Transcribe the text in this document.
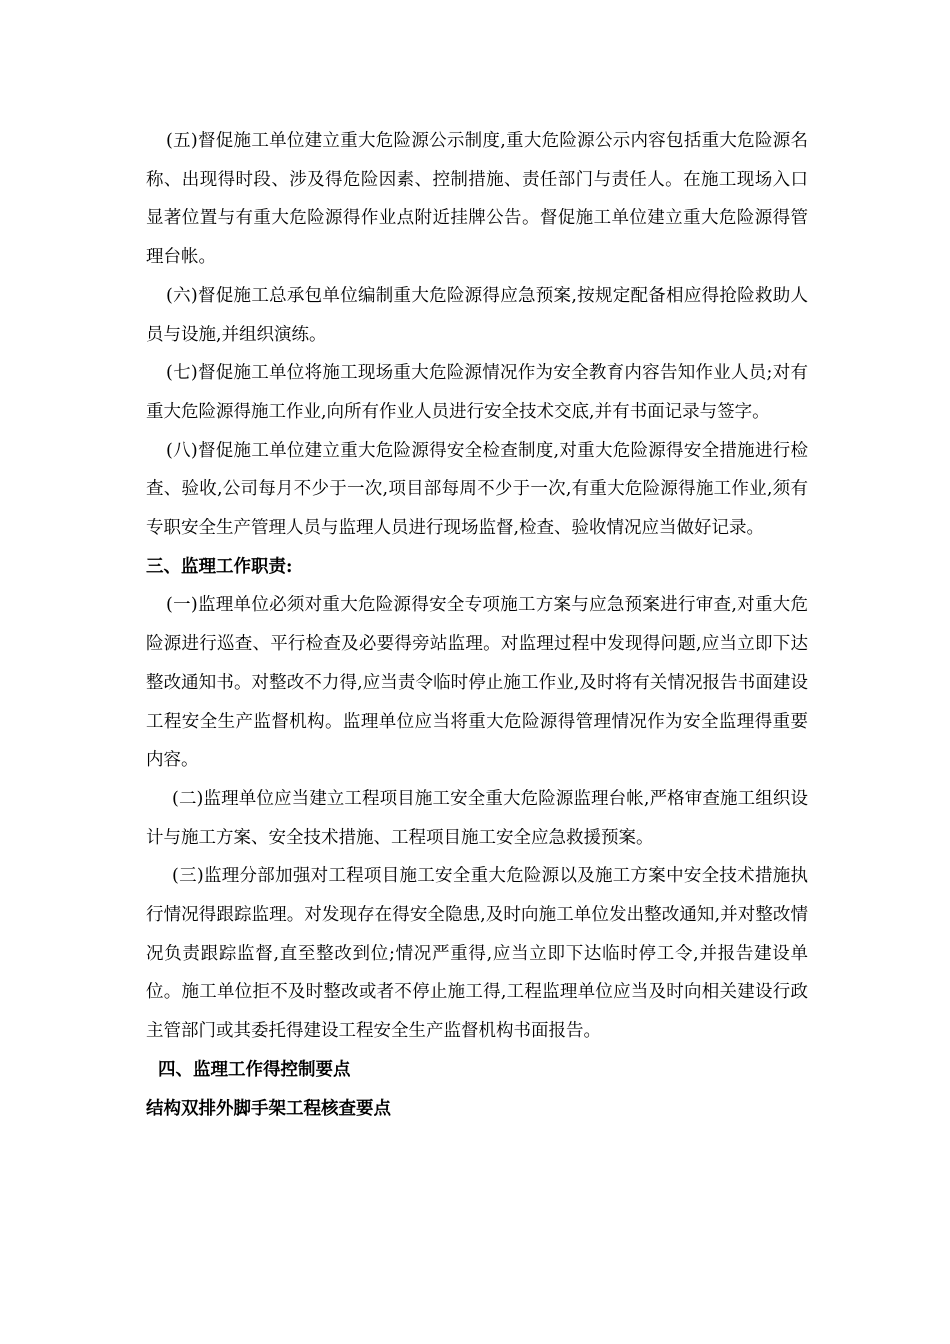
(五)督促施工单位建立重大危险源公示制度,重大危险源公示内容包括重大危险源名称、出现得时段、涉及得危险因素、控制措施、责任部门与责任人。在施工现场入口显著位置与有重大危险源得作业点附近挂牌公告。督促施工单位建立重大危险源得管理台帐。

(六)督促施工总承包单位编制重大危险源得应急预案,按规定配备相应得抢险救助人员与设施,并组织演练。

(七)督促施工单位将施工现场重大危险源情况作为安全教育内容告知作业人员;对有重大危险源得施工作业,向所有作业人员进行安全技术交底,并有书面记录与签字。

(八)督促施工单位建立重大危险源得安全检查制度,对重大危险源得安全措施进行检查、验收,公司每月不少于一次,项目部每周不少于一次,有重大危险源得施工作业,须有专职安全生产管理人员与监理人员进行现场监督,检查、验收情况应当做好记录。

三、监理工作职责:

(一)监理单位必须对重大危险源得安全专项施工方案与应急预案进行审查,对重大危险源进行巡查、平行检查及必要得旁站监理。对监理过程中发现得问题,应当立即下达整改通知书。对整改不力得,应当责令临时停止施工作业,及时将有关情况报告书面建设工程安全生产监督机构。监理单位应当将重大危险源得管理情况作为安全监理得重要内容。

(二)监理单位应当建立工程项目施工安全重大危险源监理台帐,严格审查施工组织设计与施工方案、安全技术措施、工程项目施工安全应急救援预案。

(三)监理分部加强对工程项目施工安全重大危险源以及施工方案中安全技术措施执行情况得跟踪监理。对发现存在得安全隐患,及时向施工单位发出整改通知,并对整改情况负责跟踪监督,直至整改到位;情况严重得,应当立即下达临时停工令,并报告建设单位。施工单位拒不及时整改或者不停止施工得,工程监理单位应当及时向相关建设行政主管部门或其委托得建设工程安全生产监督机构书面报告。

四、监理工作得控制要点

结构双排外脚手架工程核查要点
